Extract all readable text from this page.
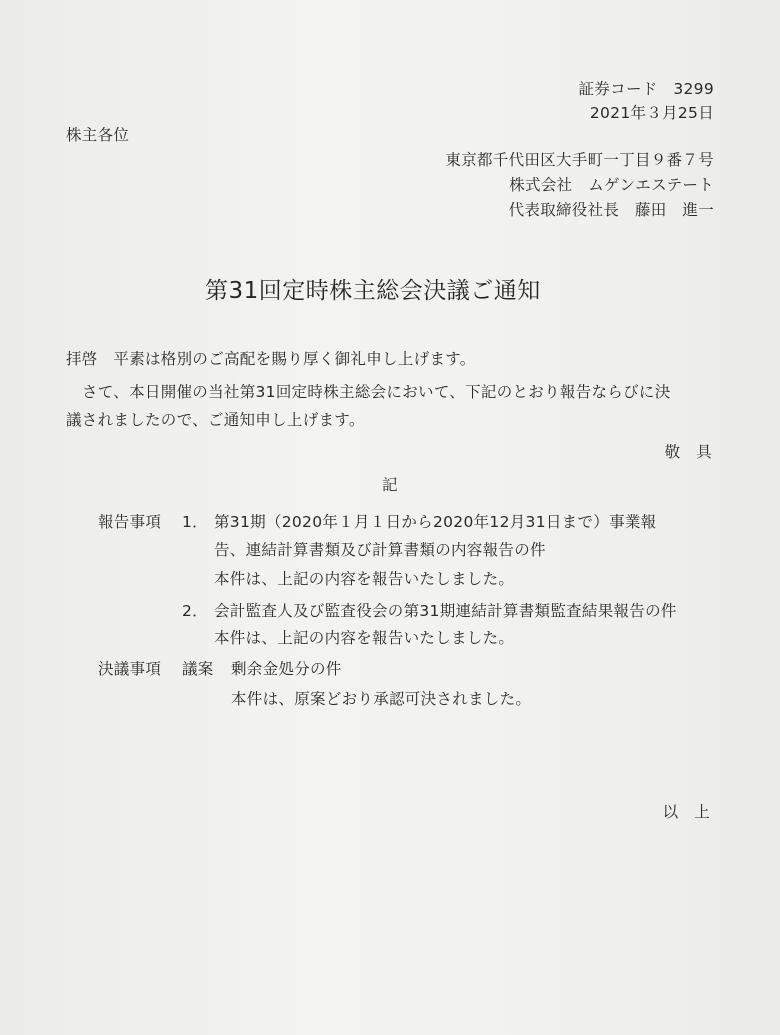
証券コード　3299
2021年３月25日
株主各位
東京都千代田区大手町一丁目９番７号
株式会社　ムゲンエステート
代表取締役社長　藤田　進一
第31回定時株主総会決議ご通知
拝啓　平素は格別のご高配を賜り厚く御礼申し上げます。
さて、本日開催の当社第31回定時株主総会において、下記のとおり報告ならびに決
議されましたので、ご通知申し上げます。
敬　具
記
報告事項 1． 第31期（2020年１月１日から2020年12月31日まで）事業報
告、連結計算書類及び計算書類の内容報告の件
本件は、上記の内容を報告いたしました。
2． 会計監査人及び監査役会の第31期連結計算書類監査結果報告の件
本件は、上記の内容を報告いたしました。
決議事項 議案 剰余金処分の件
本件は、原案どおり承認可決されました。
以　上
